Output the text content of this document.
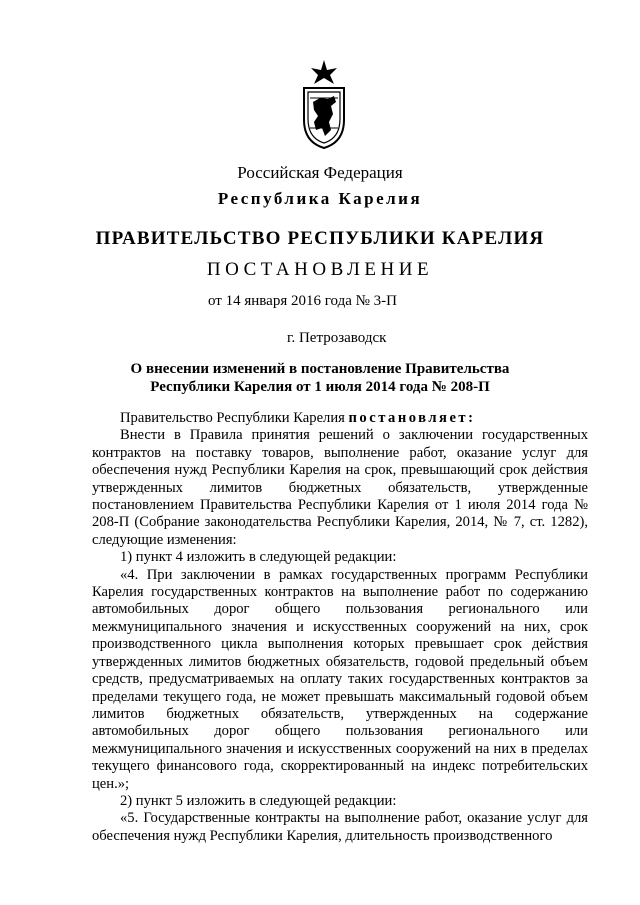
Российская Федерация
Республика Карелия
ПРАВИТЕЛЬСТВО РЕСПУБЛИКИ КАРЕЛИЯ
ПОСТАНОВЛЕНИЕ
от 14 января 2016 года № 3-П
г. Петрозаводск
О внесении изменений в постановление Правительства
Республики Карелия от 1 июля 2014 года № 208-П

Правительство Республики Карелия постановляет:

Внести в Правила принятия решений о заключении государственных контрактов на поставку товаров, выполнение работ, оказание услуг для обеспечения нужд Республики Карелия на срок, превышающий срок действия утвержденных лимитов бюджетных обязательств, утвержденные постановлением Правительства Республики Карелия от 1 июля 2014 года № 208-П (Собрание законодательства Республики Карелия, 2014, № 7, ст. 1282), следующие изменения:

1) пункт 4 изложить в следующей редакции:

«4. При заключении в рамках государственных программ Республики Карелия государственных контрактов на выполнение работ по содержанию автомобильных дорог общего пользования регионального или межмуниципального значения и искусственных сооружений на них, срок производственного цикла выполнения которых превышает срок действия утвержденных лимитов бюджетных обязательств, годовой предельный объем средств, предусматриваемых на оплату таких государственных контрактов за пределами текущего года, не может превышать максимальный годовой объем лимитов бюджетных обязательств, утвержденных на содержание автомобильных дорог общего пользования регионального или межмуниципального значения и искусственных сооружений на них в пределах текущего финансового года, скорректированный на индекс потребительских цен.»;

2) пункт 5 изложить в следующей редакции:

«5. Государственные контракты на выполнение работ, оказание услуг для обеспечения нужд Республики Карелия, длительность производственного
